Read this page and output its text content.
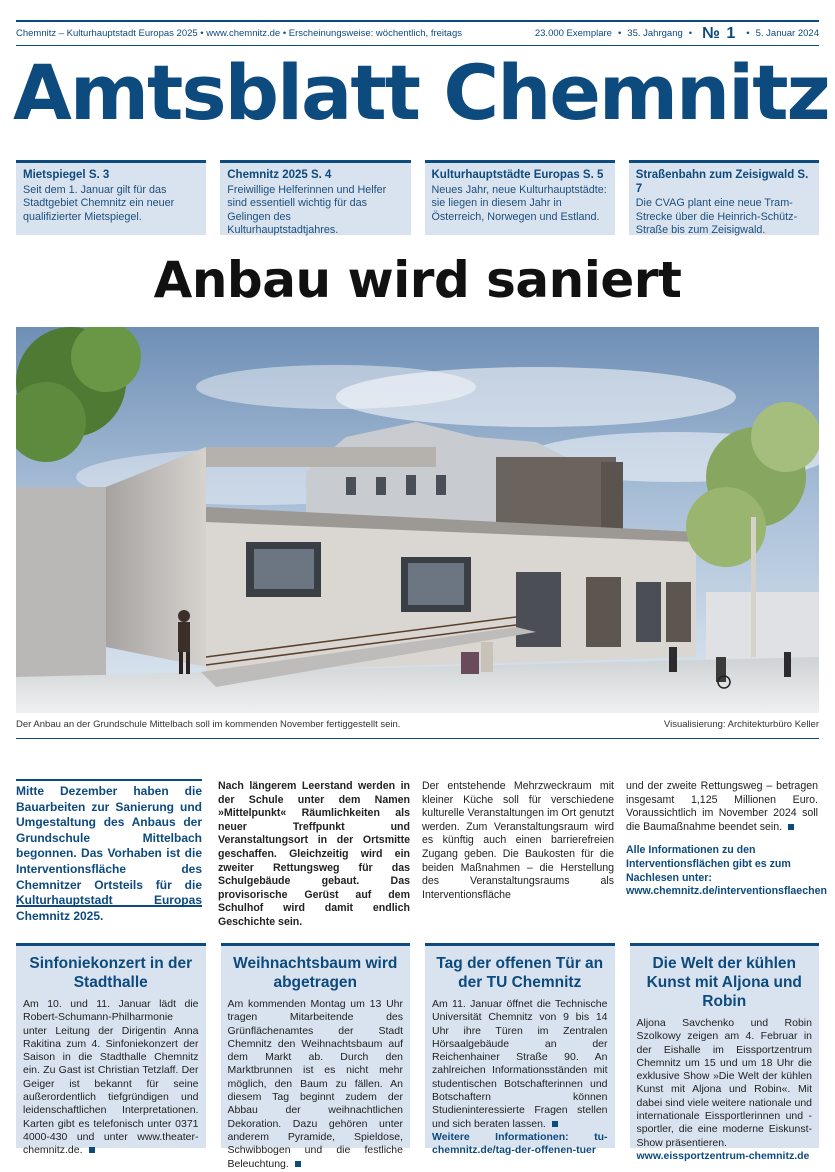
Chemnitz – Kulturhauptstadt Europas 2025 • www.chemnitz.de • Erscheinungsweise: wöchentlich, freitags	23.000 Exemplare • 35. Jahrgang • № 1 • 5. Januar 2024
Amtsblatt Chemnitz
Mietspiegel S. 3
Seit dem 1. Januar gilt für das Stadtgebiet Chemnitz ein neuer qualifizierter Mietspiegel.
Chemnitz 2025 S. 4
Freiwillige Helferinnen und Helfer sind essentiell wichtig für das Gelingen des Kulturhauptstadtjahres.
Kulturhauptstädte Europas S. 5
Neues Jahr, neue Kulturhauptstädte: sie liegen in diesem Jahr in Österreich, Norwegen und Estland.
Straßenbahn zum Zeisigwald S. 7
Die CVAG plant eine neue Tram-Strecke über die Heinrich-Schütz-Straße bis zum Zeisigwald.
Anbau wird saniert
Der Anbau an der Grundschule Mittelbach soll im kommenden November fertiggestellt sein.	Visualisierung: Architekturbüro Keller
Mitte Dezember haben die Bauarbeiten zur Sanierung und Umgestaltung des Anbaus der Grundschule Mittelbach begonnen. Das Vorhaben ist die Interventionsfläche des Chemnitzer Ortsteils für die Kulturhauptstadt Europas Chemnitz 2025.
Nach längerem Leerstand werden in der Schule unter dem Namen »Mittelpunkt« Räumlichkeiten als neuer Treffpunkt und Veranstaltungsort in der Ortsmitte geschaffen. Gleichzeitig wird ein zweiter Rettungsweg für das Schulgebäude gebaut. Das provisorische Gerüst auf dem Schulhof wird damit endlich Geschichte sein.
Der entstehende Mehrzweckraum mit kleiner Küche soll für verschiedene kulturelle Veranstaltungen im Ort genutzt werden. Zum Veranstaltungsraum wird es künftig auch einen barrierefreien Zugang geben. Die Baukosten für die beiden Maßnahmen – die Herstellung des Veranstaltungsraums als Interventionsfläche
und der zweite Rettungsweg – betragen insgesamt 1,125 Millionen Euro. Voraussichtlich im November 2024 soll die Baumaßnahme beendet sein.
Alle Informationen zu den Interventionsflächen gibt es zum Nachlesen unter: www.chemnitz.de/interventionsflaechen
Sinfoniekonzert in der Stadthalle

Am 10. und 11. Januar lädt die Robert-Schumann-Philharmonie unter Leitung der Dirigentin Anna Rakitina zum 4. Sinfoniekonzert der Saison in die Stadthalle Chemnitz ein. Zu Gast ist Christian Tetzlaff. Der Geiger ist bekannt für seine außerordentlich tiefgründigen und leidenschaftlichen Interpretationen. Karten gibt es telefonisch unter 0371 4000-430 und unter www.theater-chemnitz.de.

Weihnachtsbaum wird abgetragen

Am kommenden Montag um 13 Uhr tragen Mitarbeitende des Grünflächenamtes der Stadt Chemnitz den Weihnachtsbaum auf dem Markt ab. Durch den Marktbrunnen ist es nicht mehr möglich, den Baum zu fällen. An diesem Tag beginnt zudem der Abbau der weihnachtlichen Dekoration. Dazu gehören unter anderem Pyramide, Spieldose, Schwibbogen und die festliche Beleuchtung.

Tag der offenen Tür an der TU Chemnitz

Am 11. Januar öffnet die Technische Universität Chemnitz von 9 bis 14 Uhr ihre Türen im Zentralen Hörsaalgebäude an der Reichenhainer Straße 90. An zahlreichen Informationsständen mit studentischen Botschafterinnen und Botschaftern können Studieninteressierte Fragen stellen und sich beraten lassen.

Weitere Informationen: tu-chemnitz.de/tag-der-offenen-tuer

Die Welt der kühlen Kunst mit Aljona und Robin

Aljona Savchenko und Robin Szolkowy zeigen am 4. Februar in der Eishalle im Eissportzentrum Chemnitz um 15 und um 18 Uhr die exklusive Show »Die Welt der kühlen Kunst mit Aljona und Robin«. Mit dabei sind viele weitere nationale und internationale Eissportlerinnen und -sportler, die eine moderne Eiskunst-Show präsentieren.

www.eissportzentrum-chemnitz.de
